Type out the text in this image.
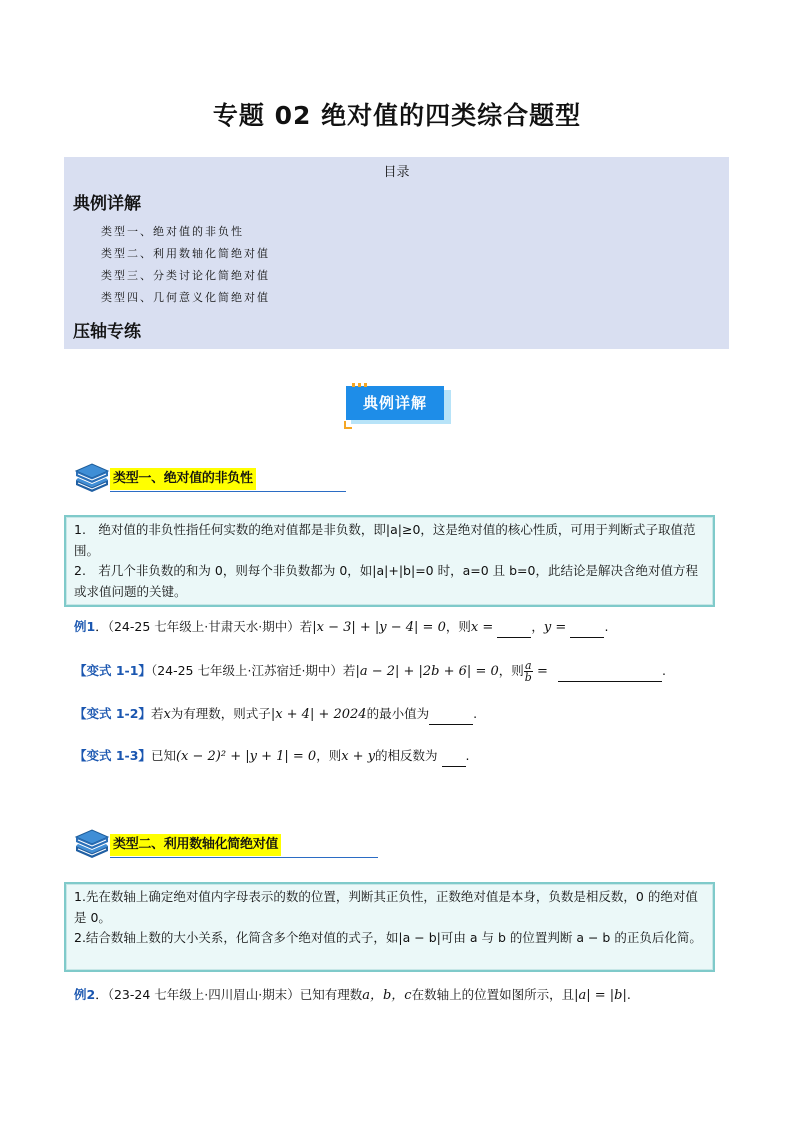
专题 02 绝对值的四类综合题型
目录
典例详解
类型一、绝对值的非负性
类型二、利用数轴化简绝对值
类型三、分类讨论化简绝对值
类型四、几何意义化简绝对值
压轴专练
典例详解
类型一、绝对值的非负性

1.　绝对值的非负性指任何实数的绝对值都是非负数，即|a|≥0，这是绝对值的核心性质，可用于判断式子取值范围。

2.　若几个非负数的和为 0，则每个非负数都为 0，如|a|+|b|=0 时，a=0 且 b=0，此结论是解决含绝对值方程或求值问题的关键。

例1．（24-25 七年级上·甘肃天水·期中）若|x − 3| + |y − 4| = 0，则x =	，y =	.
【变式 1-1】（24-25 七年级上·江苏宿迁·期中）若|a − 2| + |2b + 6| = 0，则 $\frac{a}{b}$ =	.
【变式 1-2】若x为有理数，则式子|x + 4| + 2024的最小值为	.
【变式 1-3】已知(x − 2)² + |y + 1| = 0，则x + y的相反数为 .
类型二、利用数轴化简绝对值

1.先在数轴上确定绝对值内字母表示的数的位置，判断其正负性，正数绝对值是本身，负数是相反数，0 的绝对值是 0。

2.结合数轴上数的大小关系，化简含多个绝对值的式子，如|a − b|可由 a 与 b 的位置判断 a − b 的正负后化简。

例2．（23-24 七年级上·四川眉山·期末）已知有理数a，b，c在数轴上的位置如图所示，且|a| = |b|.
